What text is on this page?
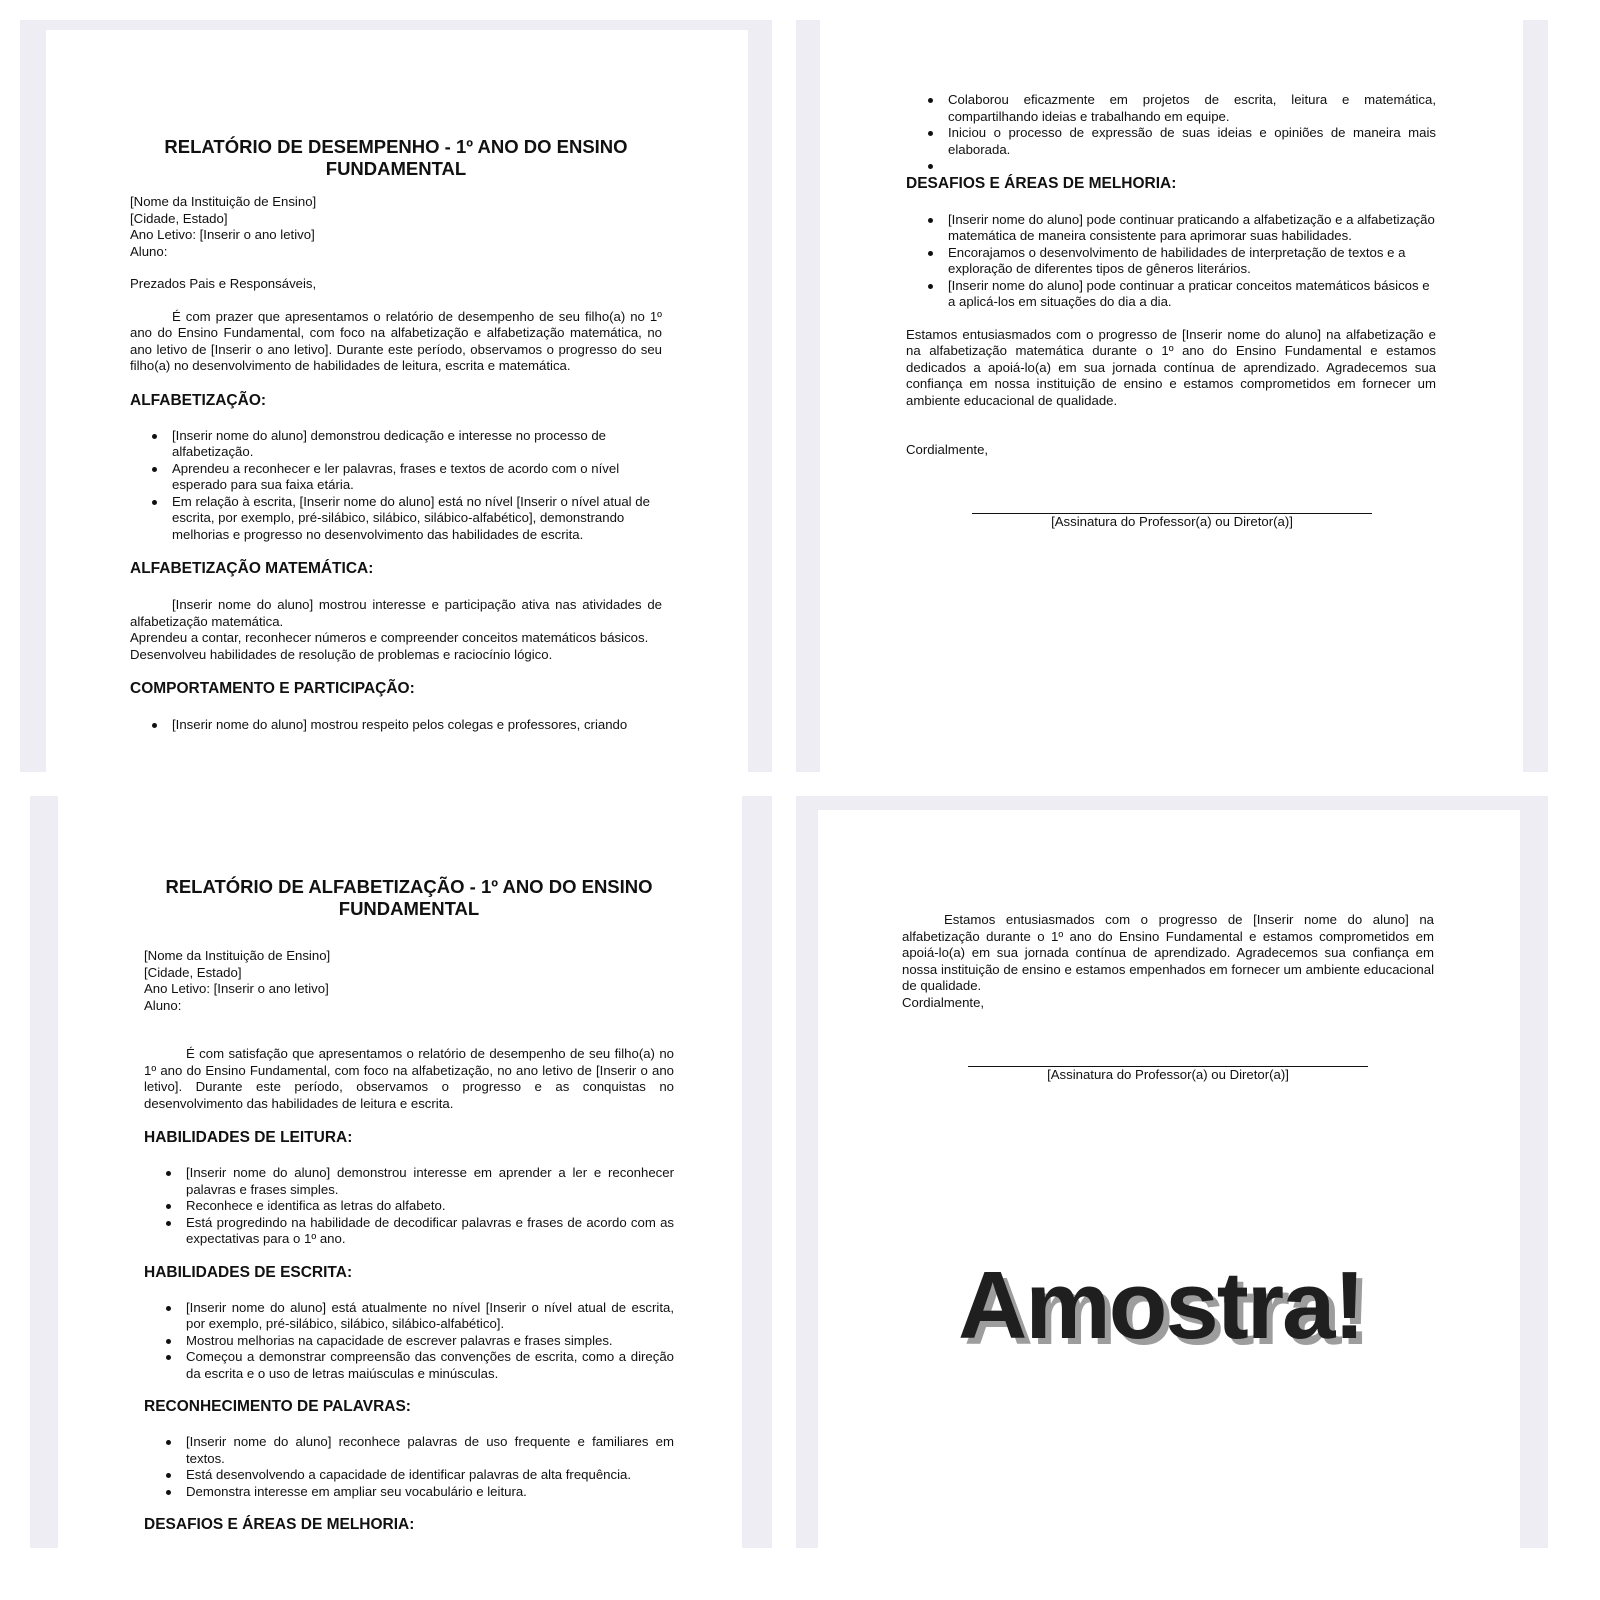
RELATÓRIO DE DESEMPENHO - 1º ANO DO ENSINO FUNDAMENTAL
[Nome da Instituição de Ensino]
[Cidade, Estado]
Ano Letivo: [Inserir o ano letivo]
Aluno:

Prezados Pais e Responsáveis,

É com prazer que apresentamos o relatório de desempenho de seu filho(a) no 1º ano do Ensino Fundamental, com foco na alfabetização e alfabetização matemática, no ano letivo de [Inserir o ano letivo]. Durante este período, observamos o progresso do seu filho(a) no desenvolvimento de habilidades de leitura, escrita e matemática.

ALFABETIZAÇÃO:
[Inserir nome do aluno] demonstrou dedicação e interesse no processo de alfabetização.
Aprendeu a reconhecer e ler palavras, frases e textos de acordo com o nível esperado para sua faixa etária.
Em relação à escrita, [Inserir nome do aluno] está no nível [Inserir o nível atual de escrita, por exemplo, pré-silábico, silábico, silábico-alfabético], demonstrando melhorias e progresso no desenvolvimento das habilidades de escrita.
ALFABETIZAÇÃO MATEMÁTICA:

[Inserir nome do aluno] mostrou interesse e participação ativa nas atividades de alfabetização matemática.

Aprendeu a contar, reconhecer números e compreender conceitos matemáticos básicos.

Desenvolveu habilidades de resolução de problemas e raciocínio lógico.

COMPORTAMENTO E PARTICIPAÇÃO:
[Inserir nome do aluno] mostrou respeito pelos colegas e professores, criando
Colaborou eficazmente em projetos de escrita, leitura e matemática, compartilhando ideias e trabalhando em equipe.
Iniciou o processo de expressão de suas ideias e opiniões de maneira mais elaborada.

DESAFIOS E ÁREAS DE MELHORIA:
[Inserir nome do aluno] pode continuar praticando a alfabetização e a alfabetização matemática de maneira consistente para aprimorar suas habilidades.
Encorajamos o desenvolvimento de habilidades de interpretação de textos e a exploração de diferentes tipos de gêneros literários.
[Inserir nome do aluno] pode continuar a praticar conceitos matemáticos básicos e a aplicá-los em situações do dia a dia.

Estamos entusiasmados com o progresso de [Inserir nome do aluno] na alfabetização e na alfabetização matemática durante o 1º ano do Ensino Fundamental e estamos dedicados a apoiá-lo(a) em sua jornada contínua de aprendizado. Agradecemos sua confiança em nossa instituição de ensino e estamos comprometidos em fornecer um ambiente educacional de qualidade.

Cordialmente,

[Assinatura do Professor(a) ou Diretor(a)]
RELATÓRIO DE ALFABETIZAÇÃO - 1º ANO DO ENSINO FUNDAMENTAL
[Nome da Instituição de Ensino]
[Cidade, Estado]
Ano Letivo: [Inserir o ano letivo]
Aluno:

É com satisfação que apresentamos o relatório de desempenho de seu filho(a) no 1º ano do Ensino Fundamental, com foco na alfabetização, no ano letivo de [Inserir o ano letivo]. Durante este período, observamos o progresso e as conquistas no desenvolvimento das habilidades de leitura e escrita.

HABILIDADES DE LEITURA:
[Inserir nome do aluno] demonstrou interesse em aprender a ler e reconhecer palavras e frases simples.
Reconhece e identifica as letras do alfabeto.
Está progredindo na habilidade de decodificar palavras e frases de acordo com as expectativas para o 1º ano.
HABILIDADES DE ESCRITA:
[Inserir nome do aluno] está atualmente no nível [Inserir o nível atual de escrita, por exemplo, pré-silábico, silábico, silábico-alfabético].
Mostrou melhorias na capacidade de escrever palavras e frases simples.
Começou a demonstrar compreensão das convenções de escrita, como a direção da escrita e o uso de letras maiúsculas e minúsculas.
RECONHECIMENTO DE PALAVRAS:
[Inserir nome do aluno] reconhece palavras de uso frequente e familiares em textos.
Está desenvolvendo a capacidade de identificar palavras de alta frequência.
Demonstra interesse em ampliar seu vocabulário e leitura.
DESAFIOS E ÁREAS DE MELHORIA:

Estamos entusiasmados com o progresso de [Inserir nome do aluno] na alfabetização durante o 1º ano do Ensino Fundamental e estamos comprometidos em apoiá-lo(a) em sua jornada contínua de aprendizado. Agradecemos sua confiança em nossa instituição de ensino e estamos empenhados em fornecer um ambiente educacional de qualidade.

Cordialmente,

[Assinatura do Professor(a) ou Diretor(a)]
Amostra!
